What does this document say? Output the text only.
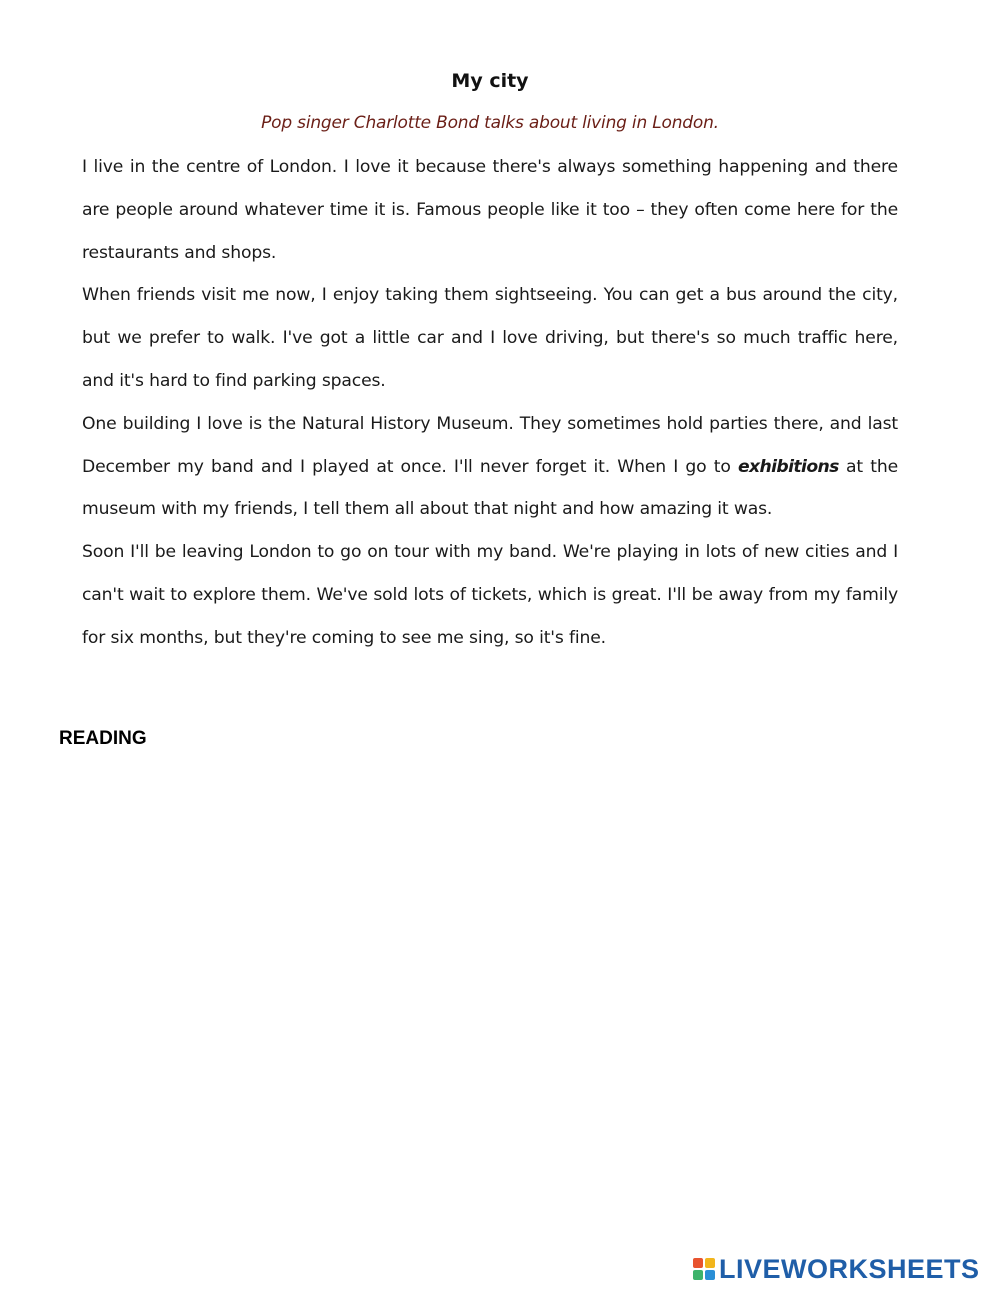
My city
Pop singer Charlotte Bond talks about living in London.

I live in the centre of London. I love it because there's always something happening and there are people around whatever time it is. Famous people like it too – they often come here for the restaurants and shops.

When friends visit me now, I enjoy taking them sightseeing. You can get a bus around the city, but we prefer to walk. I've got a little car and I love driving, but there's so much traffic here, and it's hard to find parking spaces.

One building I love is the Natural History Museum. They sometimes hold parties there, and last December my band and I played at once. I'll never forget it. When I go to exhibitions at the museum with my friends, I tell them all about that night and how amazing it was.

Soon I'll be leaving London to go on tour with my band. We're playing in lots of new cities and I can't wait to explore them. We've sold lots of tickets, which is great. I'll be away from my family for six months, but they're coming to see me sing, so it's fine.

READING
LIVEWORKSHEETS
